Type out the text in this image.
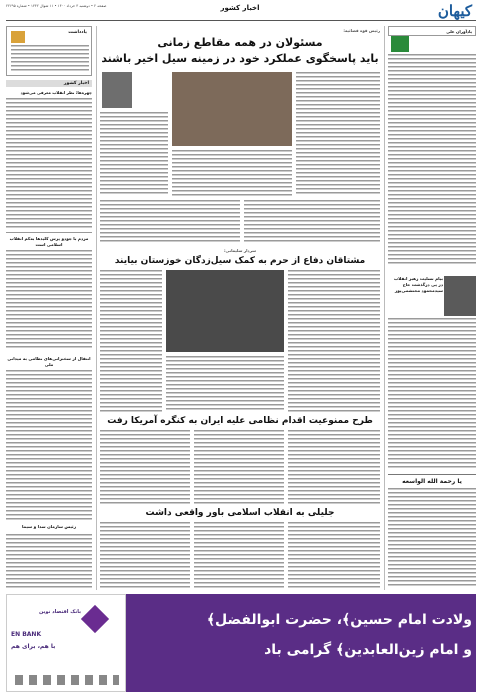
کیهان
اخبار کشور
صفحه ۲ • دوشنبه ۳ خرداد ۱۴۰۰ • ۱۱ شوال ۱۴۴۲ • شماره ۲۲۶۹۵
یادآوران علی
بیام تسلیت رهبر انقلاب در پی درگذشت حاج سیدمحمود محتشمی‌پور
یا رحمة الله الواسعه
یادداشت
اخبار کشور
چهره‌ها: نظر انقلاب معرفی می‌شود
مردم با جودو پرس کلیدها به‌کم انقلاب اسلامی است
انتقال از سخنرانی‌های نظامی به میدانی ملی
رئیس سازمان سدا و سیما
رئیس قوه قضائیه:
مسئولان در همه مقاطع زمانی
باید پاسخگوی عملکرد خود در زمینه سیل اخیر باشند
سردار سلیمانی:
مشتاقان دفاع از حرم به کمک سیل‌زدگان خوزستان بیایند
طرح ممنوعیت اقدام نظامی علیه ایران به کنگره آمریکا رفت
جلیلی به انقلاب اسلامی باور واقعی داشت
بانک اقتصاد نوین
EN BANK
با هم، برای هم
ولادت امام حسین﴾، حضرت ابوالفضل﴾
و امام زین‌العابدین﴾ گرامی باد
